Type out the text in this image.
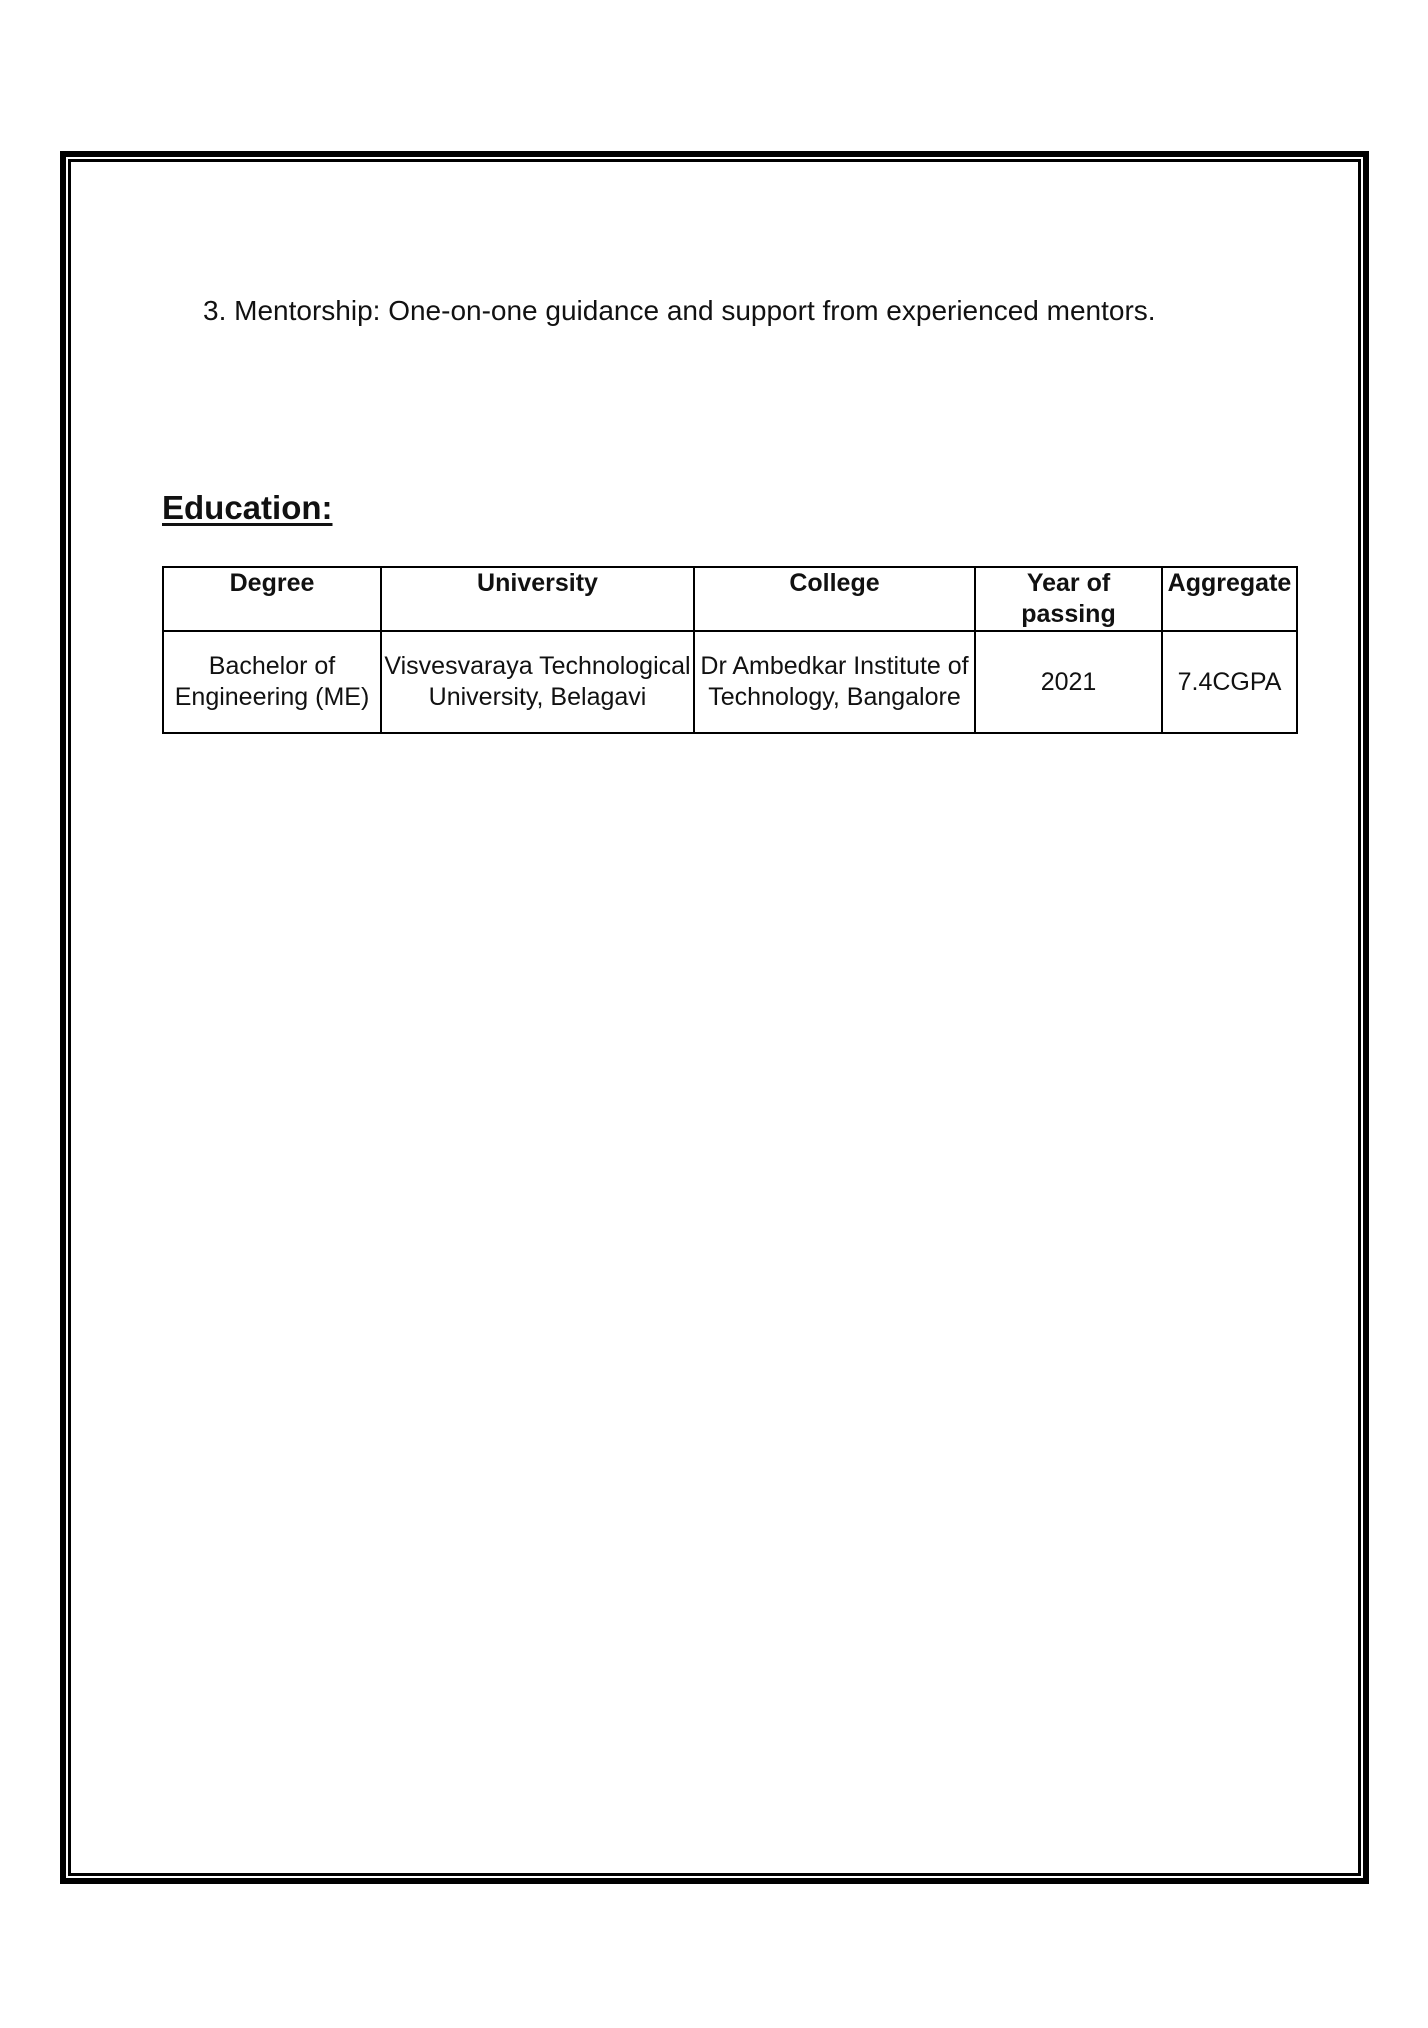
3. Mentorship: One-on-one guidance and support from experienced mentors.
Education:
Degree	University	College	Year of passing	Aggregate
Bachelor of Engineering (ME)	Visvesvaraya Technological University, Belagavi	Dr Ambedkar Institute of Technology, Bangalore	2021	7.4CGPA
